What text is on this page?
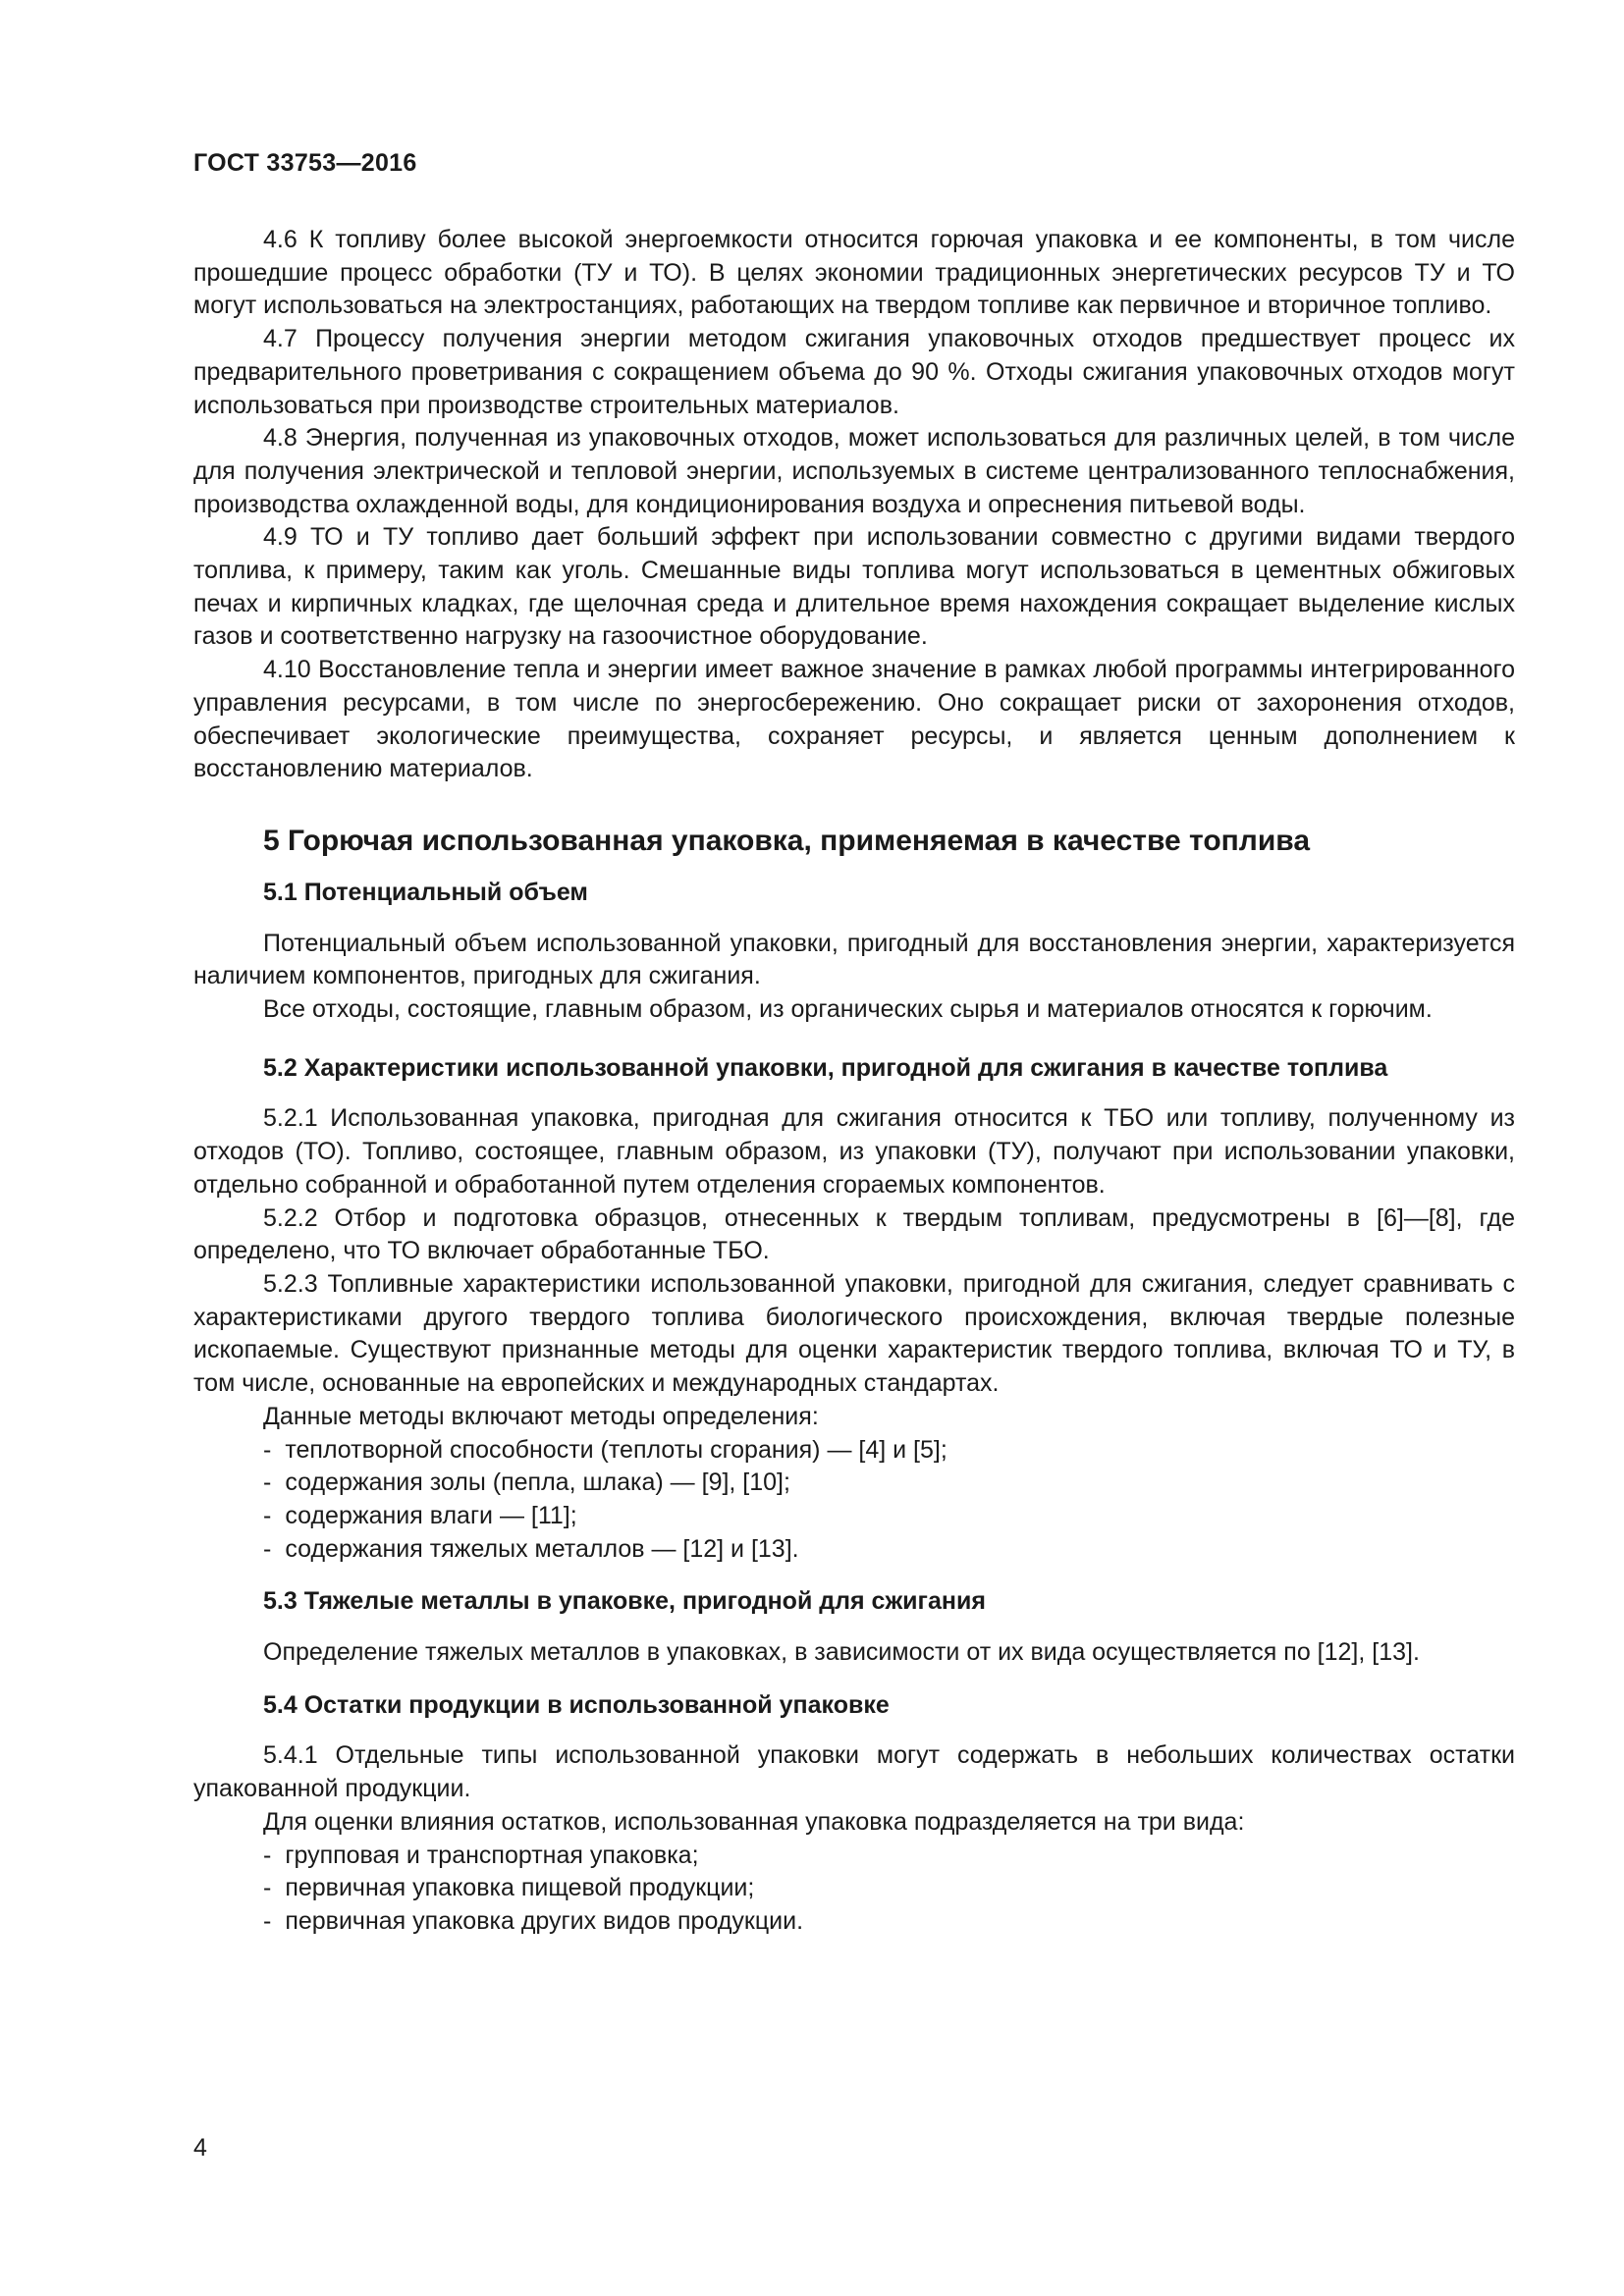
ГОСТ 33753—2016

4.6 К топливу более высокой энергоемкости относится горючая упаковка и ее компоненты, в том числе прошедшие процесс обработки (ТУ и ТО). В целях экономии традиционных энергетических ресурсов ТУ и ТО могут использоваться на электростанциях, работающих на твердом топливе как первичное и вторичное топливо.

4.7 Процессу получения энергии методом сжигания упаковочных отходов предшествует процесс их предварительного проветривания с сокращением объема до 90 %. Отходы сжигания упаковочных отходов могут использоваться при производстве строительных материалов.

4.8 Энергия, полученная из упаковочных отходов, может использоваться для различных целей, в том числе для получения электрической и тепловой энергии, используемых в системе централизованного теплоснабжения, производства охлажденной воды, для кондиционирования воздуха и опреснения питьевой воды.

4.9 ТО и ТУ топливо дает больший эффект при использовании совместно с другими видами твердого топлива, к примеру, таким как уголь. Смешанные виды топлива могут использоваться в цементных обжиговых печах и кирпичных кладках, где щелочная среда и длительное время нахождения сокращает выделение кислых газов и соответственно нагрузку на газоочистное оборудование.

4.10 Восстановление тепла и энергии имеет важное значение в рамках любой программы интегрированного управления ресурсами, в том числе по энергосбережению. Оно сокращает риски от захоронения отходов, обеспечивает экологические преимущества, сохраняет ресурсы, и является ценным дополнением к восстановлению материалов.

5 Горючая использованная упаковка, применяемая в качестве топлива
5.1 Потенциальный объем

Потенциальный объем использованной упаковки, пригодный для восстановления энергии, характеризуется наличием компонентов, пригодных для сжигания.

Все отходы, состоящие, главным образом, из органических сырья и материалов относятся к горючим.

5.2 Характеристики использованной упаковки, пригодной для сжигания в качестве топлива

5.2.1 Использованная упаковка, пригодная для сжигания относится к ТБО или топливу, полученному из отходов (ТО). Топливо, состоящее, главным образом, из упаковки (ТУ), получают при использовании упаковки, отдельно собранной и обработанной путем отделения сгораемых компонентов.

5.2.2 Отбор и подготовка образцов, отнесенных к твердым топливам, предусмотрены в [6]—[8], где определено, что ТО включает обработанные ТБО.

5.2.3 Топливные характеристики использованной упаковки, пригодной для сжигания, следует сравнивать с характеристиками другого твердого топлива биологического происхождения, включая твердые полезные ископаемые. Существуют признанные методы для оценки характеристик твердого топлива, включая ТО и ТУ, в том числе, основанные на европейских и международных стандартах.

Данные методы включают методы определения:

- теплотворной способности (теплоты сгорания) — [4] и [5];
- содержания золы (пепла, шлака) — [9], [10];
- содержания влаги — [11];
- содержания тяжелых металлов — [12] и [13].
5.3 Тяжелые металлы в упаковке, пригодной для сжигания

Определение тяжелых металлов в упаковках, в зависимости от их вида осуществляется по [12], [13].

5.4 Остатки продукции в использованной упаковке

5.4.1 Отдельные типы использованной упаковки могут содержать в небольших количествах остатки упакованной продукции.

Для оценки влияния остатков, использованная упаковка подразделяется на три вида:

- групповая и транспортная упаковка;
- первичная упаковка пищевой продукции;
- первичная упаковка других видов продукции.
4
